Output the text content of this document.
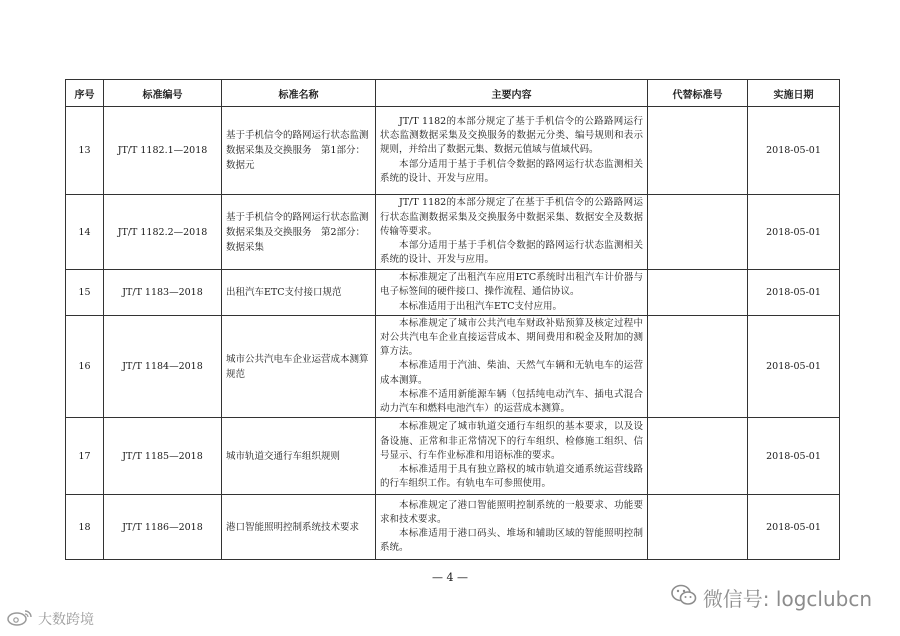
序号	标准编号	标准名称	主要内容	代替标准号	实施日期
13	JT/T 1182.1—2018	基于手机信令的路网运行状态监测数据采集及交换服务　第1部分：数据元	JT/T 1182的本部分规定了基于手机信令的公路路网运行状态监测数据采集及交换服务的数据元分类、编号规则和表示规则，并给出了数据元集、数据元值域与值域代码。

本部分适用于基于手机信令数据的路网运行状态监测相关系统的设计、开发与应用。		2018-05-01
14	JT/T 1182.2—2018	基于手机信令的路网运行状态监测数据采集及交换服务　第2部分：数据采集	JT/T 1182的本部分规定了在基于手机信令的公路路网运行状态监测数据采集及交换服务中数据采集、数据安全及数据传输等要求。

本部分适用于基于手机信令数据的路网运行状态监测相关系统的设计、开发与应用。		2018-05-01
15	JT/T 1183—2018	出租汽车ETC支付接口规范	本标准规定了出租汽车应用ETC系统时出租汽车计价器与电子标签间的硬件接口、操作流程、通信协议。

本标准适用于出租汽车ETC支付应用。		2018-05-01
16	JT/T 1184—2018	城市公共汽电车企业运营成本测算规范	本标准规定了城市公共汽电车财政补贴预算及核定过程中对公共汽电车企业直接运营成本、期间费用和税金及附加的测算方法。

本标准适用于汽油、柴油、天然气车辆和无轨电车的运营成本测算。

本标准不适用新能源车辆（包括纯电动汽车、插电式混合动力汽车和燃料电池汽车）的运营成本测算。		2018-05-01
17	JT/T 1185—2018	城市轨道交通行车组织规则	本标准规定了城市轨道交通行车组织的基本要求，以及设备设施、正常和非正常情况下的行车组织、检修施工组织、信号显示、行车作业标准和用语标准的要求。

本标准适用于具有独立路权的城市轨道交通系统运营线路的行车组织工作。有轨电车可参照使用。		2018-05-01
18	JT/T 1186—2018	港口智能照明控制系统技术要求	本标准规定了港口智能照明控制系统的一般要求、功能要求和技术要求。

本标准适用于港口码头、堆场和辅助区域的智能照明控制系统。		2018-05-01
— 4 —
微信号: logclubcn
大数跨境
